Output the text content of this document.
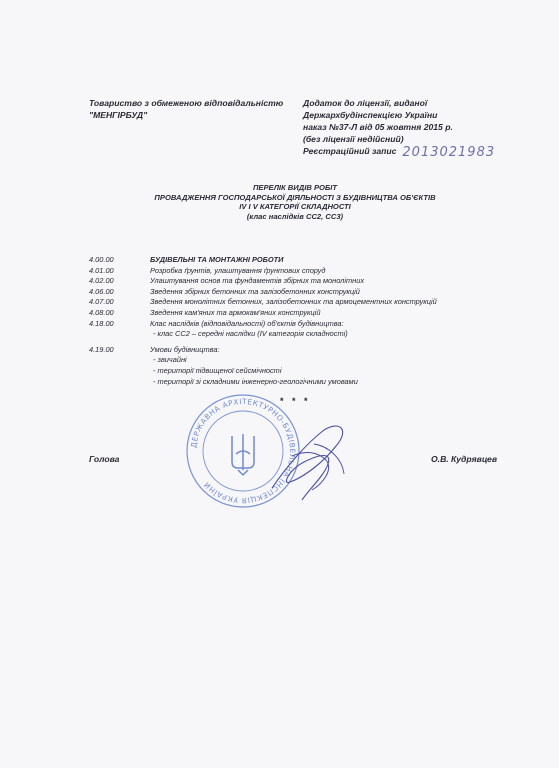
Товариство з обмеженою відповідальністю
"МЕНГІРБУД"
Додаток до ліцензії, виданої
Держархбудінспекцією України
наказ №37-Л від 05 жовтня 2015 р.
(без ліцензії недійсний)
Реєстраційний запис 2013021983
ПЕРЕЛІК ВИДІВ РОБІТ
ПРОВАДЖЕННЯ ГОСПОДАРСЬКОЇ ДІЯЛЬНОСТІ З БУДІВНИЦТВА ОБ'ЄКТІВ
IV І V КАТЕГОРІЇ СКЛАДНОСТІ
(клас наслідків СС2, СС3)
4.00.00	БУДІВЕЛЬНІ ТА МОНТАЖНІ РОБОТИ
4.01.00	Розробка ґрунтів, улаштування ґрунтових споруд
4.02.00	Улаштування основ та фундаментів збірних та монолітних
4.06.00	Зведення збірних бетонних та залізобетонних конструкцій
4.07.00	Зведення монолітних бетонних, залізобетонних та армоцементних конструкцій
4.08.00	Зведення кам'яних та армокам'яних конструкцій
4.18.00	Клас наслідків (відповідальності) об'єктів будівництва:
- клас СС2 – середні наслідки (IV категорія складності)
4.19.00	Умови будівництва:
- звичайні
- території підвищеної сейсмічності
- території зі складними інженерно-геологічними умовами
* * *
ДЕРЖАВНА АРХІТЕКТУРНО-БУДІВЕЛЬНА ІНСПЕКЦІЯ УКРАЇНИ
Голова	О.В. Кудрявцев
